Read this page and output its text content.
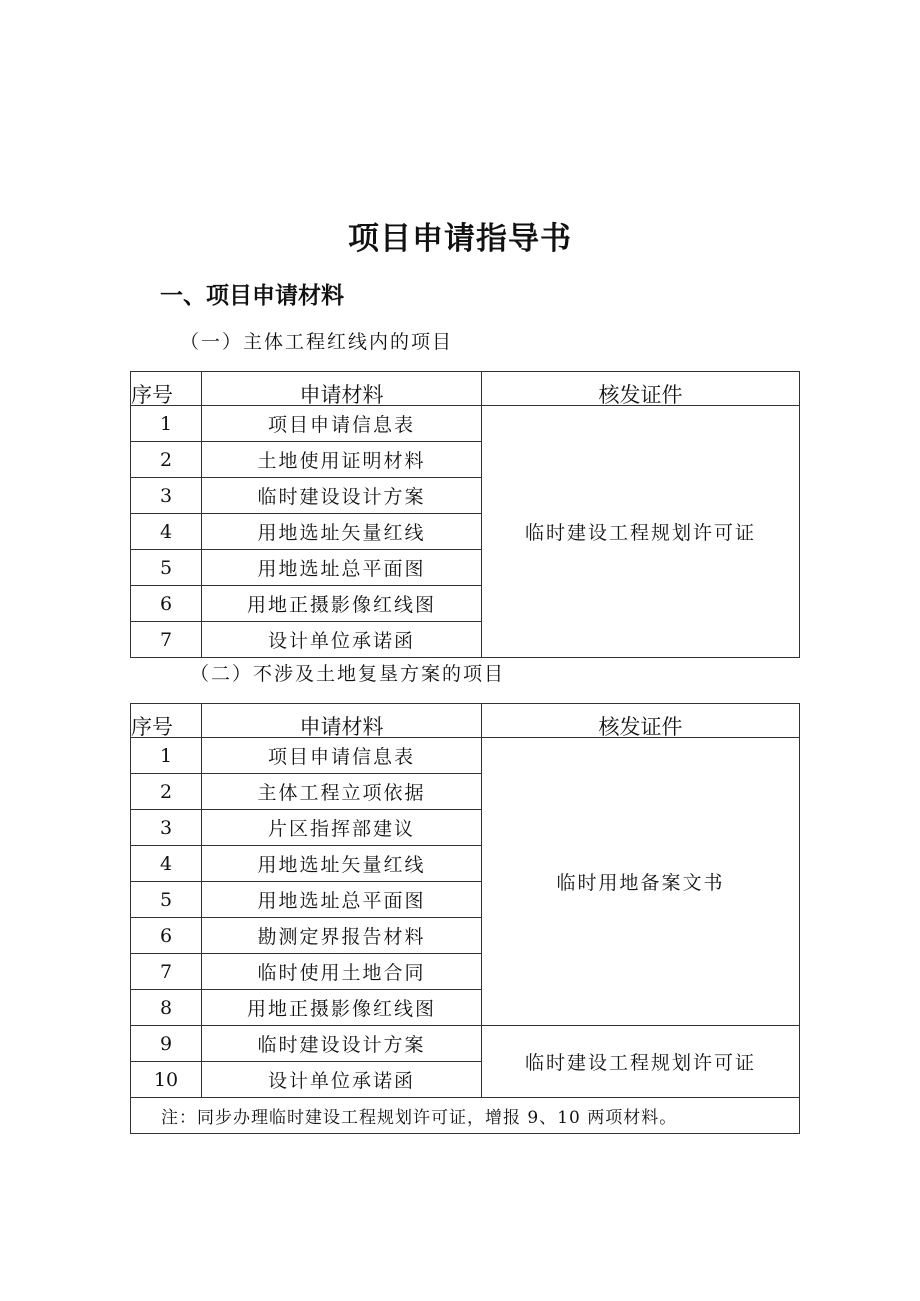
项目申请指导书
一、项目申请材料
（一）主体工程红线内的项目
序号	申请材料	核发证件
1	项目申请信息表	临时建设工程规划许可证
2	土地使用证明材料	
3	临时建设设计方案	
4	用地选址矢量红线	
5	用地选址总平面图	
6	用地正摄影像红线图	
7	设计单位承诺函	
（二）不涉及土地复垦方案的项目
序号	申请材料	核发证件
1	项目申请信息表	临时用地备案文书
2	主体工程立项依据	
3	片区指挥部建议	
4	用地选址矢量红线	
5	用地选址总平面图	
6	勘测定界报告材料	
7	临时使用土地合同	
8	用地正摄影像红线图	
9	临时建设设计方案	临时建设工程规划许可证
10	设计单位承诺函	
注：同步办理临时建设工程规划许可证，增报 9、10 两项材料。		
